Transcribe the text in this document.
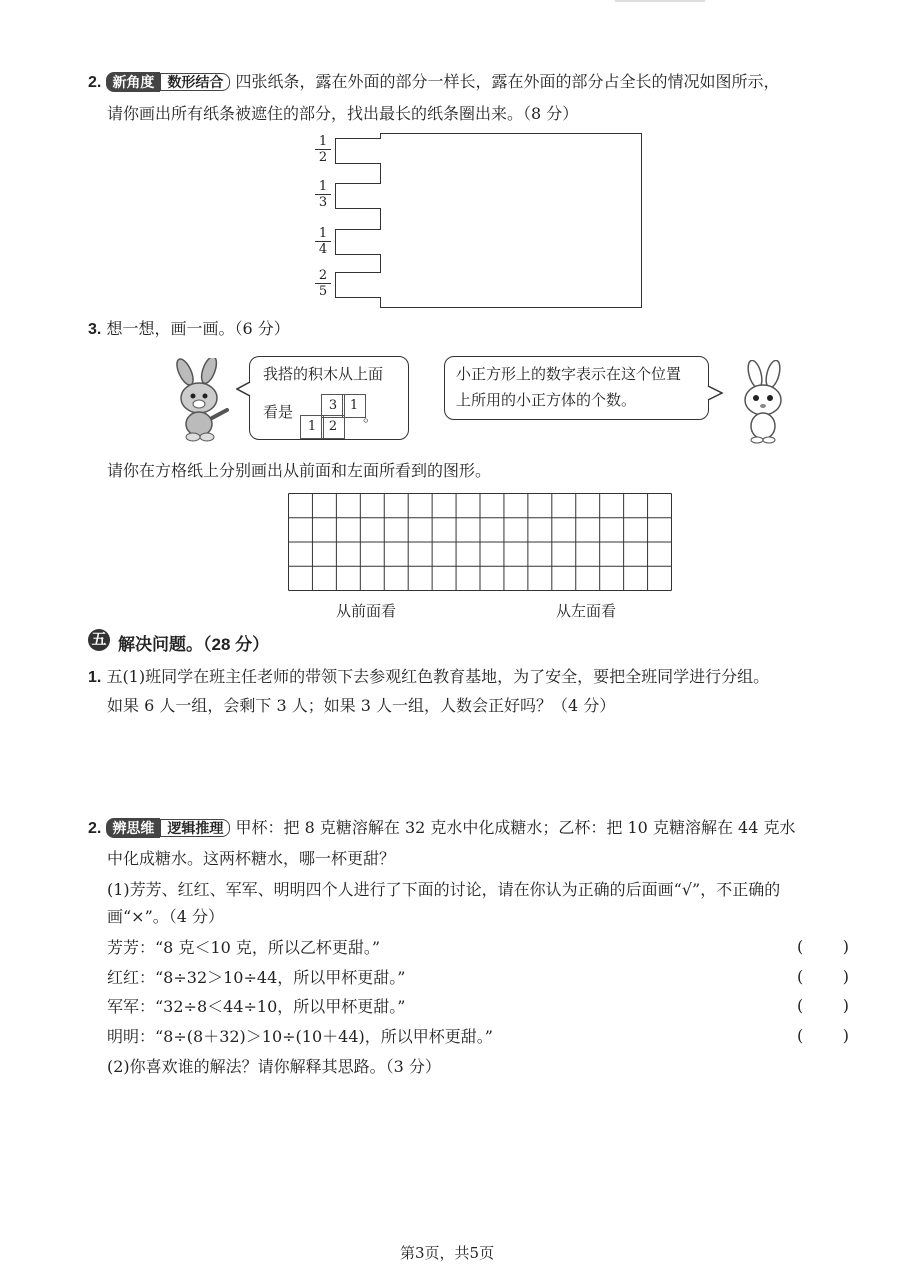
2. 新角度 数形结合 四张纸条，露在外面的部分一样长，露在外面的部分占全长的情况如图所示，
请你画出所有纸条被遮住的部分，找出最长的纸条圈出来。（8 分）
$\frac{1}{2}$
$\frac{1}{3}$
$\frac{1}{4}$
$\frac{2}{5}$
3. 想一想，画一画。（6 分）
我搭的积木从上面
看是	3 1
1 2
。
小正方形上的数字表示在这个位置
上所用的小正方体的个数。
请你在方格纸上分别画出从前面和左面所看到的图形。
从前面看	从左面看
五 解决问题。（28 分）
1. 五(1)班同学在班主任老师的带领下去参观红色教育基地，为了安全，要把全班同学进行分组。
如果 6 人一组，会剩下 3 人；如果 3 人一组，人数会正好吗？（4 分）
2. 辨思维 逻辑推理 甲杯：把 8 克糖溶解在 32 克水中化成糖水；乙杯：把 10 克糖溶解在 44 克水
中化成糖水。这两杯糖水，哪一杯更甜？
(1)芳芳、红红、军军、明明四个人进行了下面的讨论，请在你认为正确的后面画“√”，不正确的
画“×”。（4 分）
芳芳：“8 克＜10 克，所以乙杯更甜。”	( )
红红：“8÷32＞10÷44，所以甲杯更甜。”	( )
军军：“32÷8＜44÷10，所以甲杯更甜。”	( )
明明：“8÷(8＋32)＞10÷(10＋44)，所以甲杯更甜。”	( )
(2)你喜欢谁的解法？请你解释其思路。（3 分）
第3页，共5页
